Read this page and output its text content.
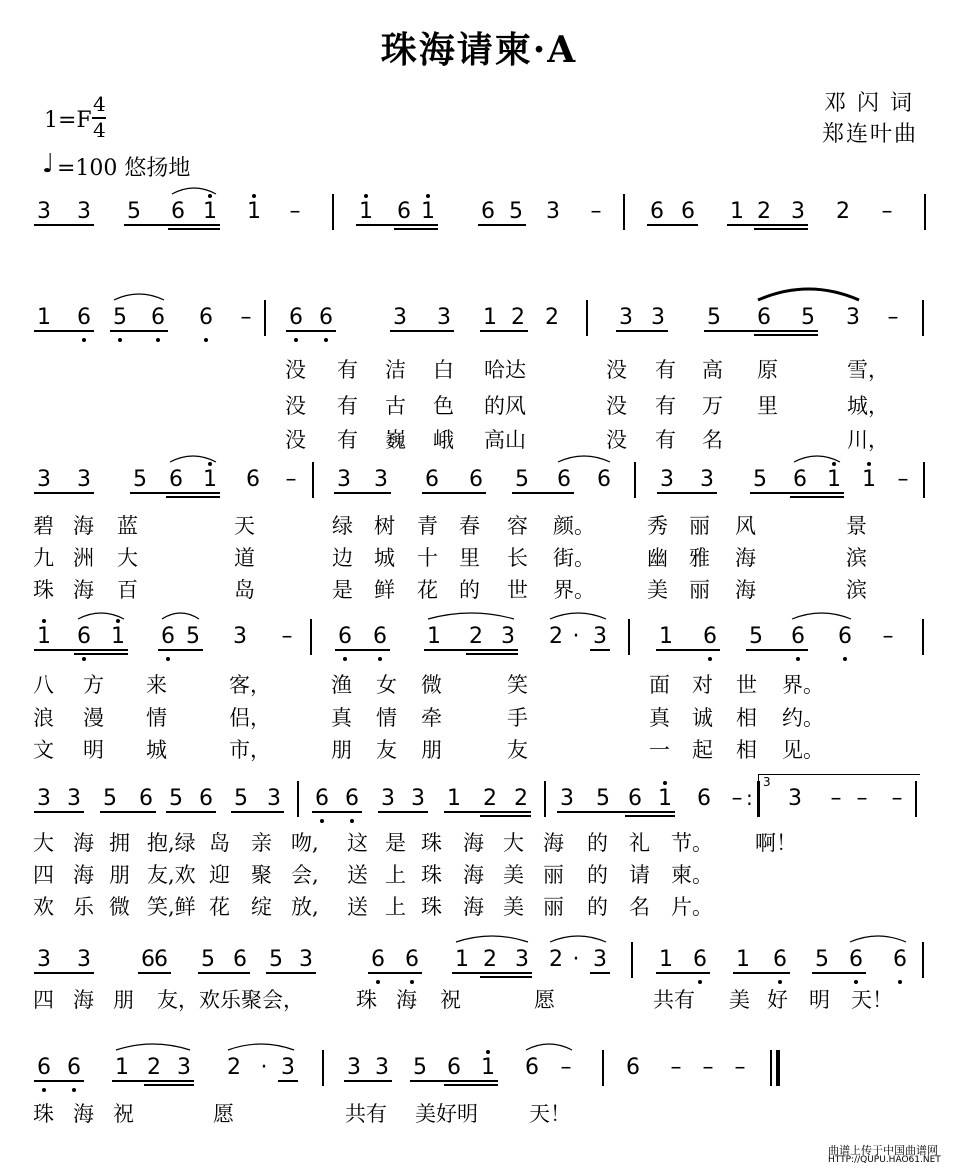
珠海请柬·A
1=F
4
4
♩ =100 悠扬地
邓 闪 词
郑连叶曲
3 3 5 6 1 1 –	1 6 1 6 5 3 – 6 6 1 2 3 2 –
1 6 5 6 6 – 6 6	3 3 1 2 2	3 3 5 6 5 3 –
没 有 洁 白 哈达	没 有 高 原	雪，
没 有 古 色 的风	没 有 万 里	城，
没 有 巍 峨 高山	没 有 名	川，
3 3 5 6 1 6 – 3 3 6 6 5 6 6 3 3 5 6 1 1 –
碧 海 蓝	天	绿 树 青 春 容 颜。 秀 丽 风	景
九 洲 大	道	边 城 十 里 长 街。 幽 雅 海	滨
珠 海 百	岛	是 鲜 花 的 世 界。 美 丽 海	滨
1 6 1 6 5 3 – 6 6 1 2 3 2 · 3 1 6 5 6 6 –
八 方 来	客，	渔 女 微	笑	面 对 世 界。
浪 漫 情	侣，	真 情 牵	手	真 诚 相 约。
文 明 城	市，	朋 友 朋	友	一 起 相 见。
3 3 5 6 5 6 5 3 6 6 3 3 1 2 2 3 5 6 1 6 – 3 – – –
大 海 拥 抱,绿 岛 亲 吻, 这 是 珠 海 大 海 的 礼 节。 啊！
四 海 朋 友,欢 迎 聚 会, 送 上 珠 海 美 丽 的 请 柬。
欢 乐 微 笑,鲜 花 绽 放, 送 上 珠 海 美 丽 的 名 片。
3 3 6 6 5 6 5 3	6 6 1 2 3 2 · 3 1 6 1 6 5 6 6
四 海 朋 友，欢乐聚会， 珠 海 祝	愿	共有 美 好 明 天！
6 6 1 2 3 2 · 3 3 3 5 6 1 6 – 6 – – –
珠 海 祝	愿	共有 美好明 天！
:
3
曲谱上传于中国曲谱网
HTTP://QUPU.HAO61.NET
